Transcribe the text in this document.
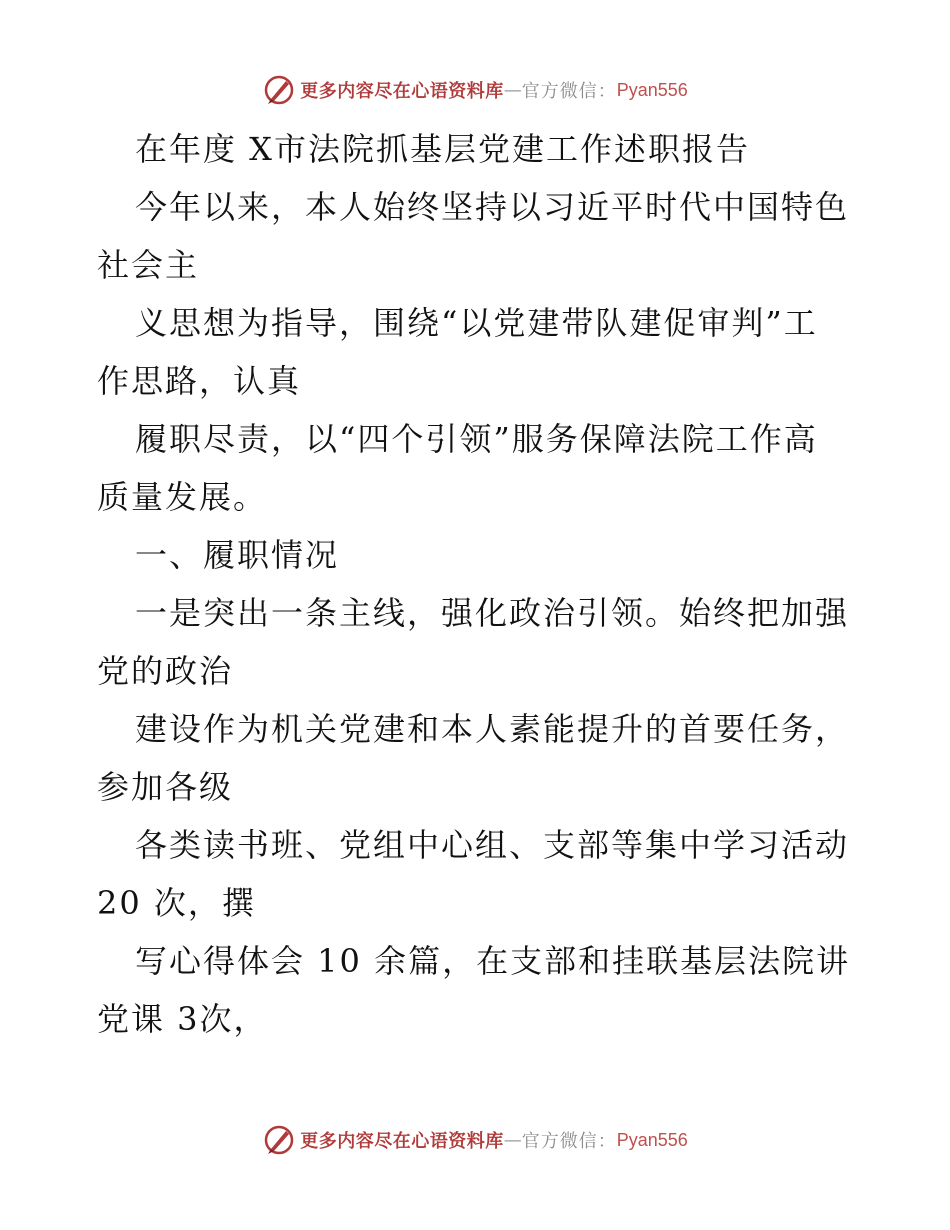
更多内容尽在心语资料库 — 官方微信： Pyan556
在年度 X市法院抓基层党建工作述职报告
今年以来，本人始终坚持以习近平时代中国特色
社会主
义思想为指导，围绕“以党建带队建促审判”工
作思路，认真
履职尽责，以“四个引领”服务保障法院工作高
质量发展。
一、履职情况
一是突出一条主线，强化政治引领。始终把加强
党的政治
建设作为机关党建和本人素能提升的首要任务，
参加各级
各类读书班、党组中心组、支部等集中学习活动
20 次，撰
写心得体会 10 余篇，在支部和挂联基层法院讲
党课 3次，
更多内容尽在心语资料库 — 官方微信： Pyan556
